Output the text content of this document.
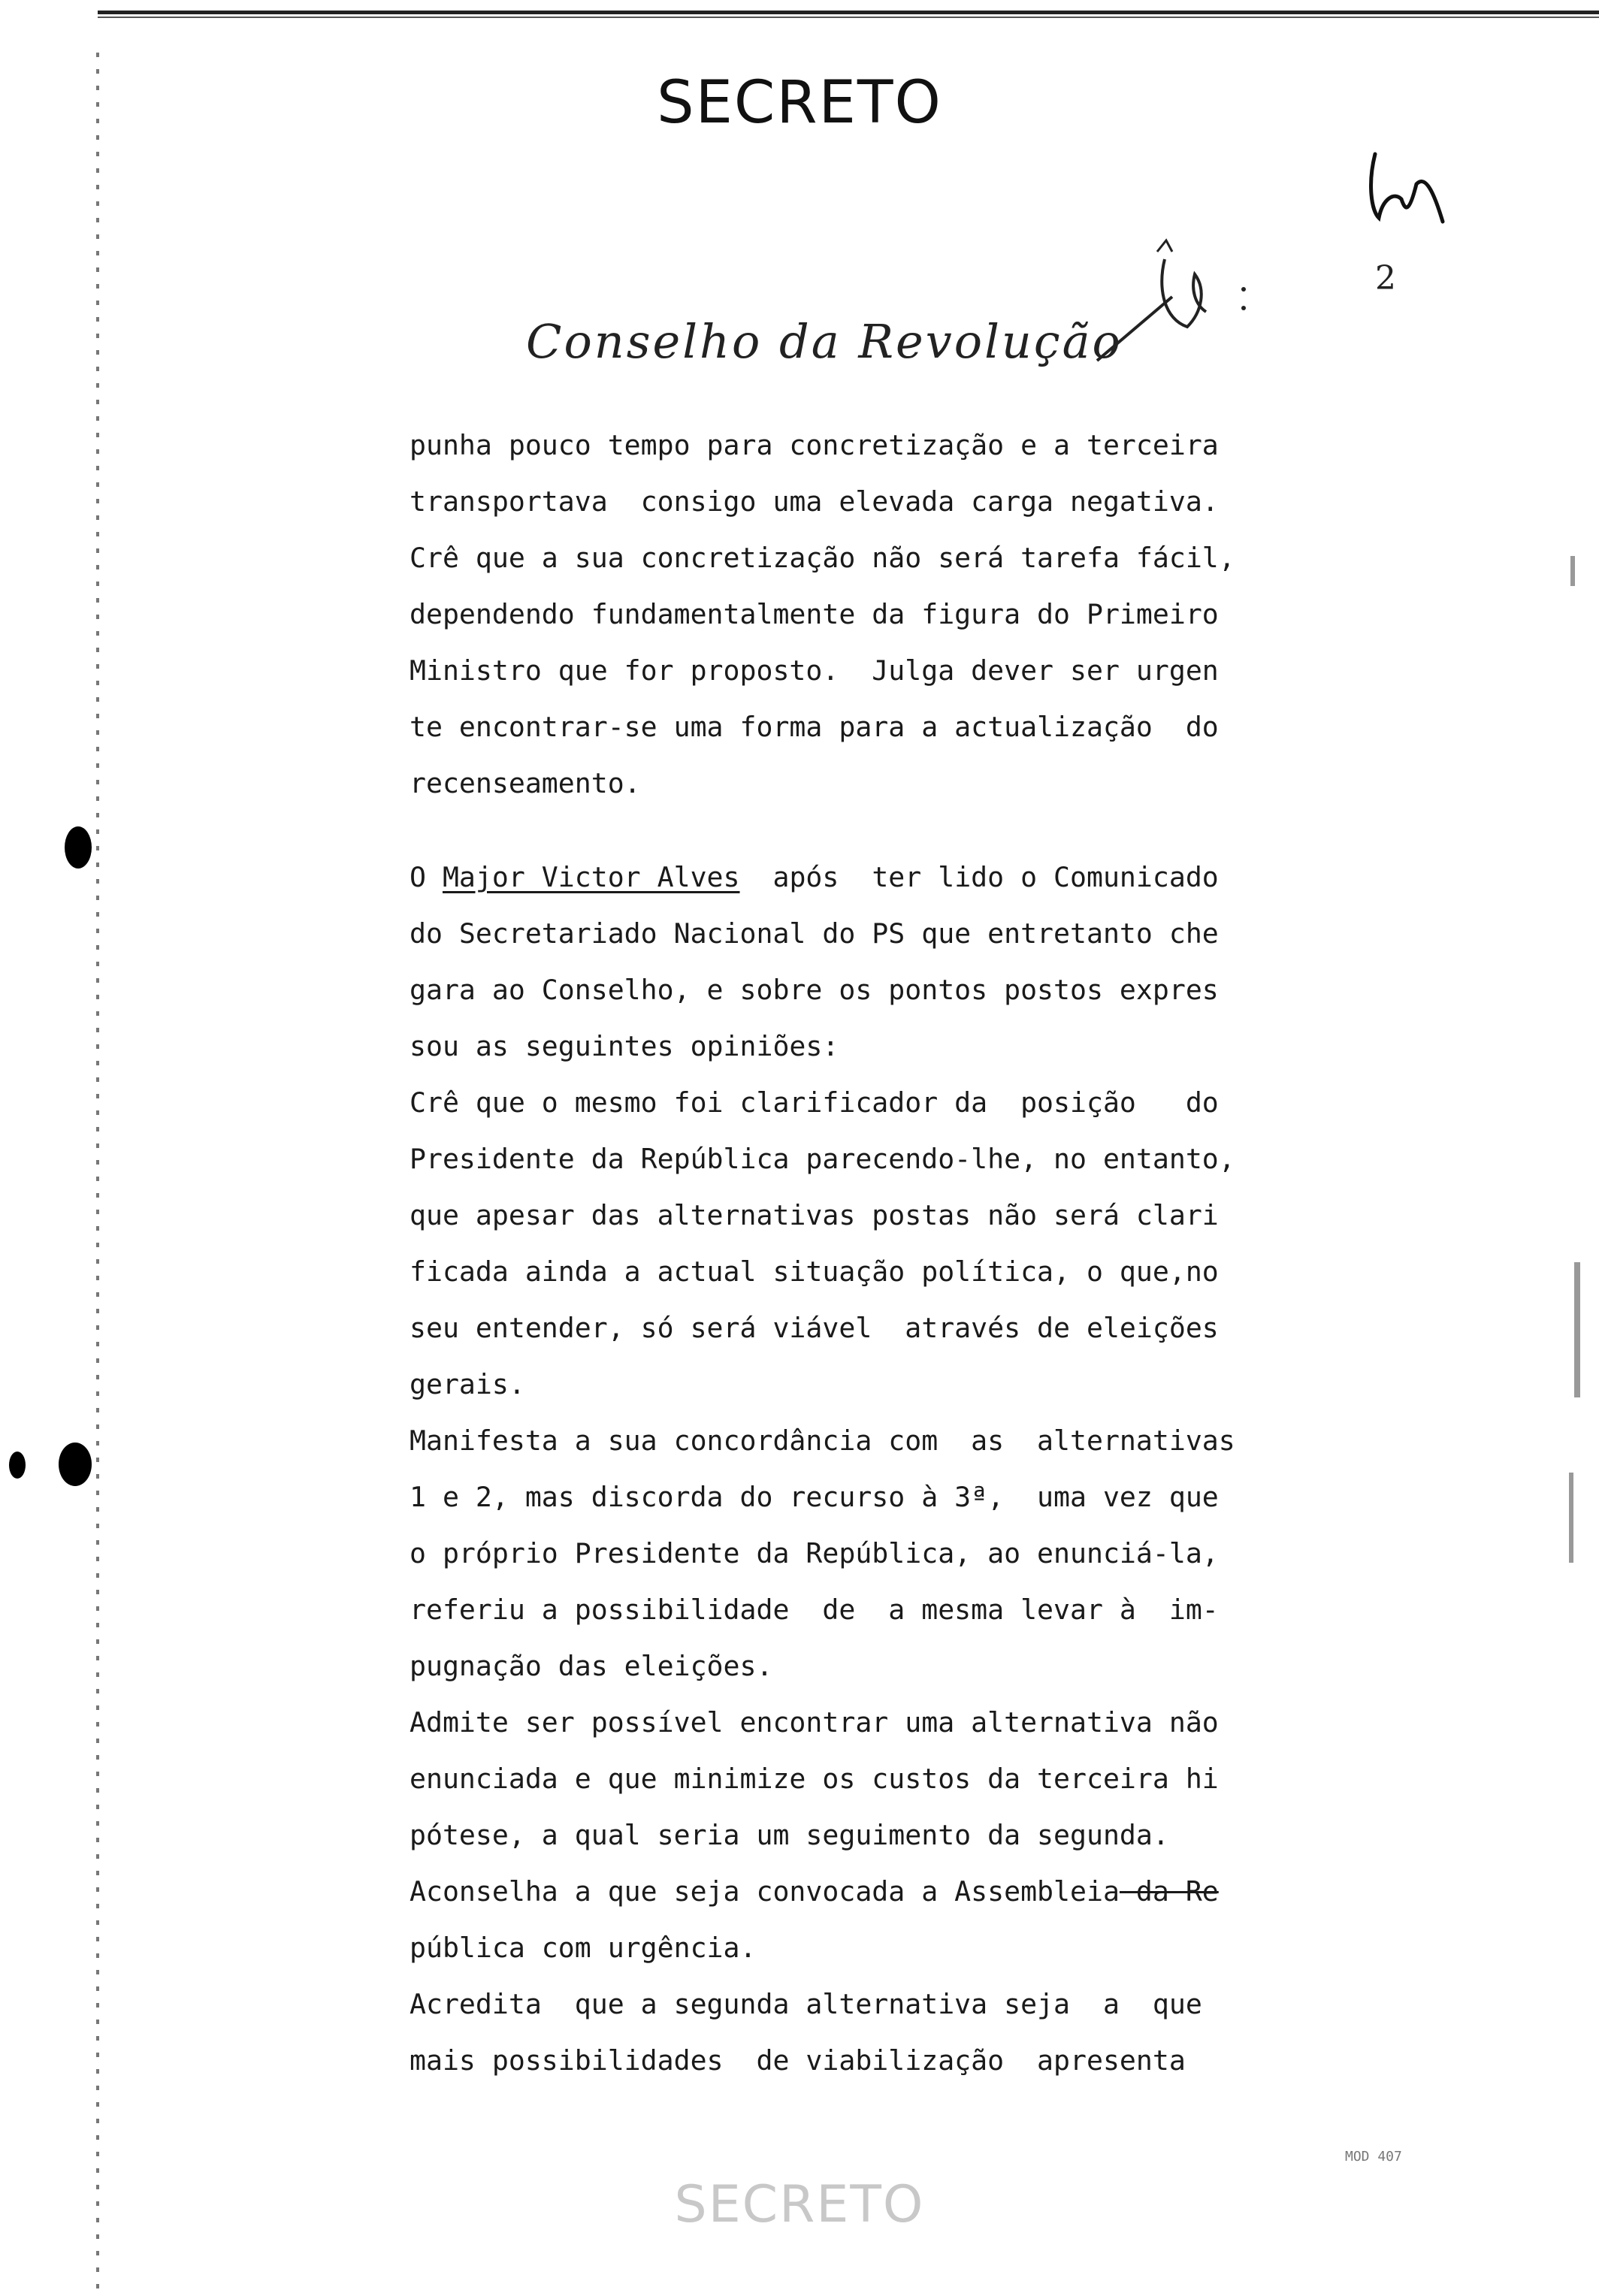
SECRETO
2
Conselho da Revolução
punha pouco tempo para concretização e a terceira
transportava  consigo uma elevada carga negativa.
Crê que a sua concretização não será tarefa fácil,
dependendo fundamentalmente da figura do Primeiro
Ministro que for proposto.  Julga dever ser urgen
te encontrar-se uma forma para a actualização  do
recenseamento.
O Major Victor Alves  após  ter lido o Comunicado
do Secretariado Nacional do PS que entretanto che
gara ao Conselho, e sobre os pontos postos expres
sou as seguintes opiniões:
Crê que o mesmo foi clarificador da  posição   do
Presidente da República parecendo-lhe, no entanto,
que apesar das alternativas postas não será clari
ficada ainda a actual situação política, o que,no
seu entender, só será viável  através de eleições
gerais.
Manifesta a sua concordância com  as  alternativas
1 e 2, mas discorda do recurso à 3ª,  uma vez que
o próprio Presidente da República, ao enunciá-la,
referiu a possibilidade  de  a mesma levar à  im-
pugnação das eleições.
Admite ser possível encontrar uma alternativa não
enunciada e que minimize os custos da terceira hi
pótese, a qual seria um seguimento da segunda.
Aconselha a que seja convocada a Assembleia da Re
pública com urgência.
Acredita  que a segunda alternativa seja  a  que
mais possibilidades  de viabilização  apresenta
MOD 407
SECRETO
